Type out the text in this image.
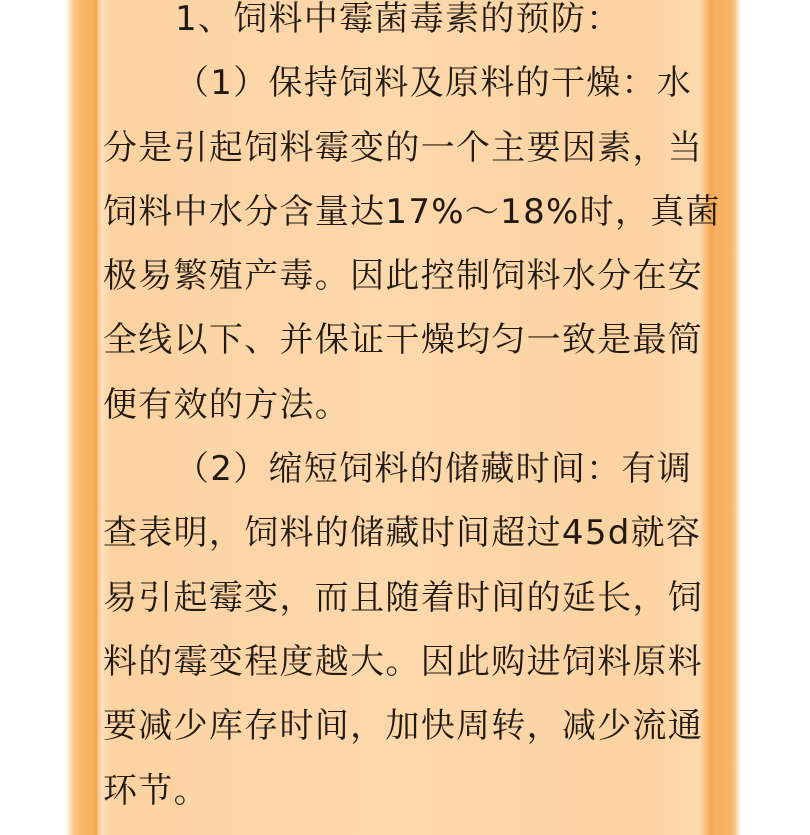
1、饲料中霉菌毒素的预防：
（1）保持饲料及原料的干燥：水
分是引起饲料霉变的一个主要因素，当
饲料中水分含量达17%～18%时，真菌
极易繁殖产毒。因此控制饲料水分在安
全线以下、并保证干燥均匀一致是最简
便有效的方法。
（2）缩短饲料的储藏时间：有调
查表明，饲料的储藏时间超过45d就容
易引起霉变，而且随着时间的延长，饲
料的霉变程度越大。因此购进饲料原料
要减少库存时间，加快周转，减少流通
环节。
